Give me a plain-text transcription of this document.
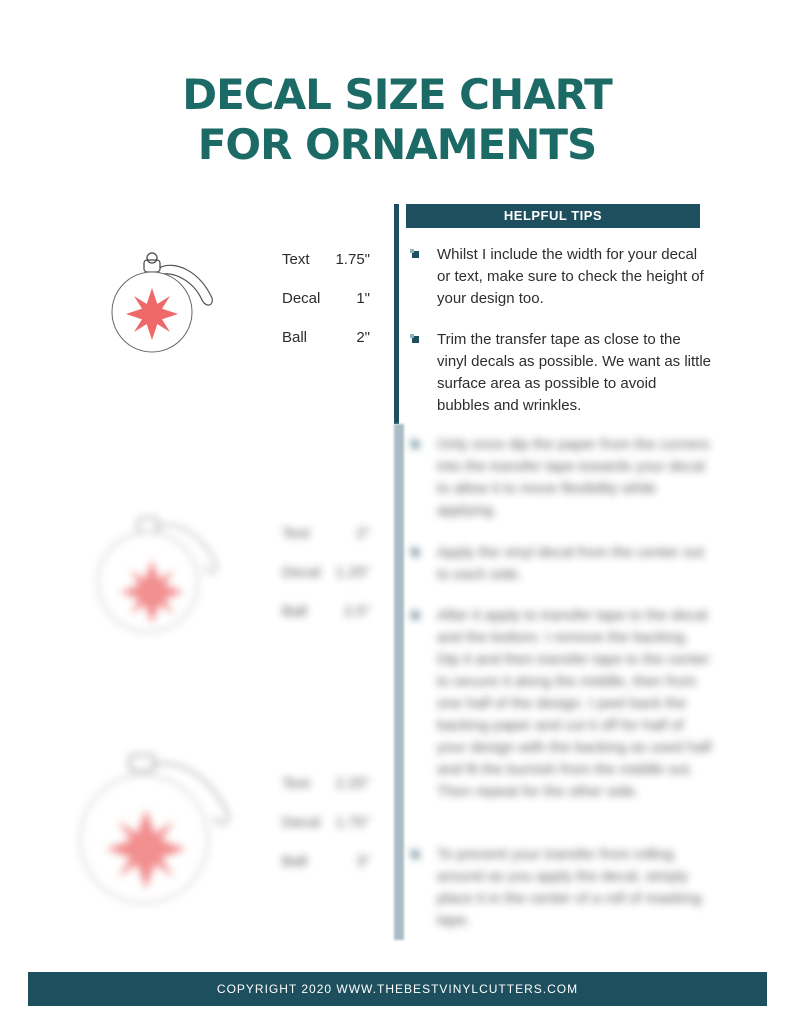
DECAL SIZE CHART
FOR ORNAMENTS
HELPFUL TIPS
Whilst I include the width for your decal or text, make sure to check the height of your design too.
Trim the transfer tape as close to the vinyl decals as possible. We want as little surface area as possible to avoid bubbles and wrinkles.
Only once dip the paper from the corners into the transfer tape towards your decal to allow it to move flexibility while applying.
Apply the vinyl decal from the center out to each side.
After it apply to transfer tape to the decal and the bottom. I remove the backing. Dip it and then transfer tape to the center to secure it along the middle, then from one half of the design. I peel back the backing paper and cut it off for half of your design with the backing as used half and fit the burnish from the middle out. Then repeat for the other side.
To prevent your transfer from rolling around as you apply the decal, simply place it in the center of a roll of masking tape.
Text 1.75"
Decal 1"
Ball	2"
Text	2"
Decal 1.25"
Ball 2.5"
Text 2.25"
Decal 1.75"
Ball	3"
COPYRIGHT 2020 WWW.THEBESTVINYLCUTTERS.COM
